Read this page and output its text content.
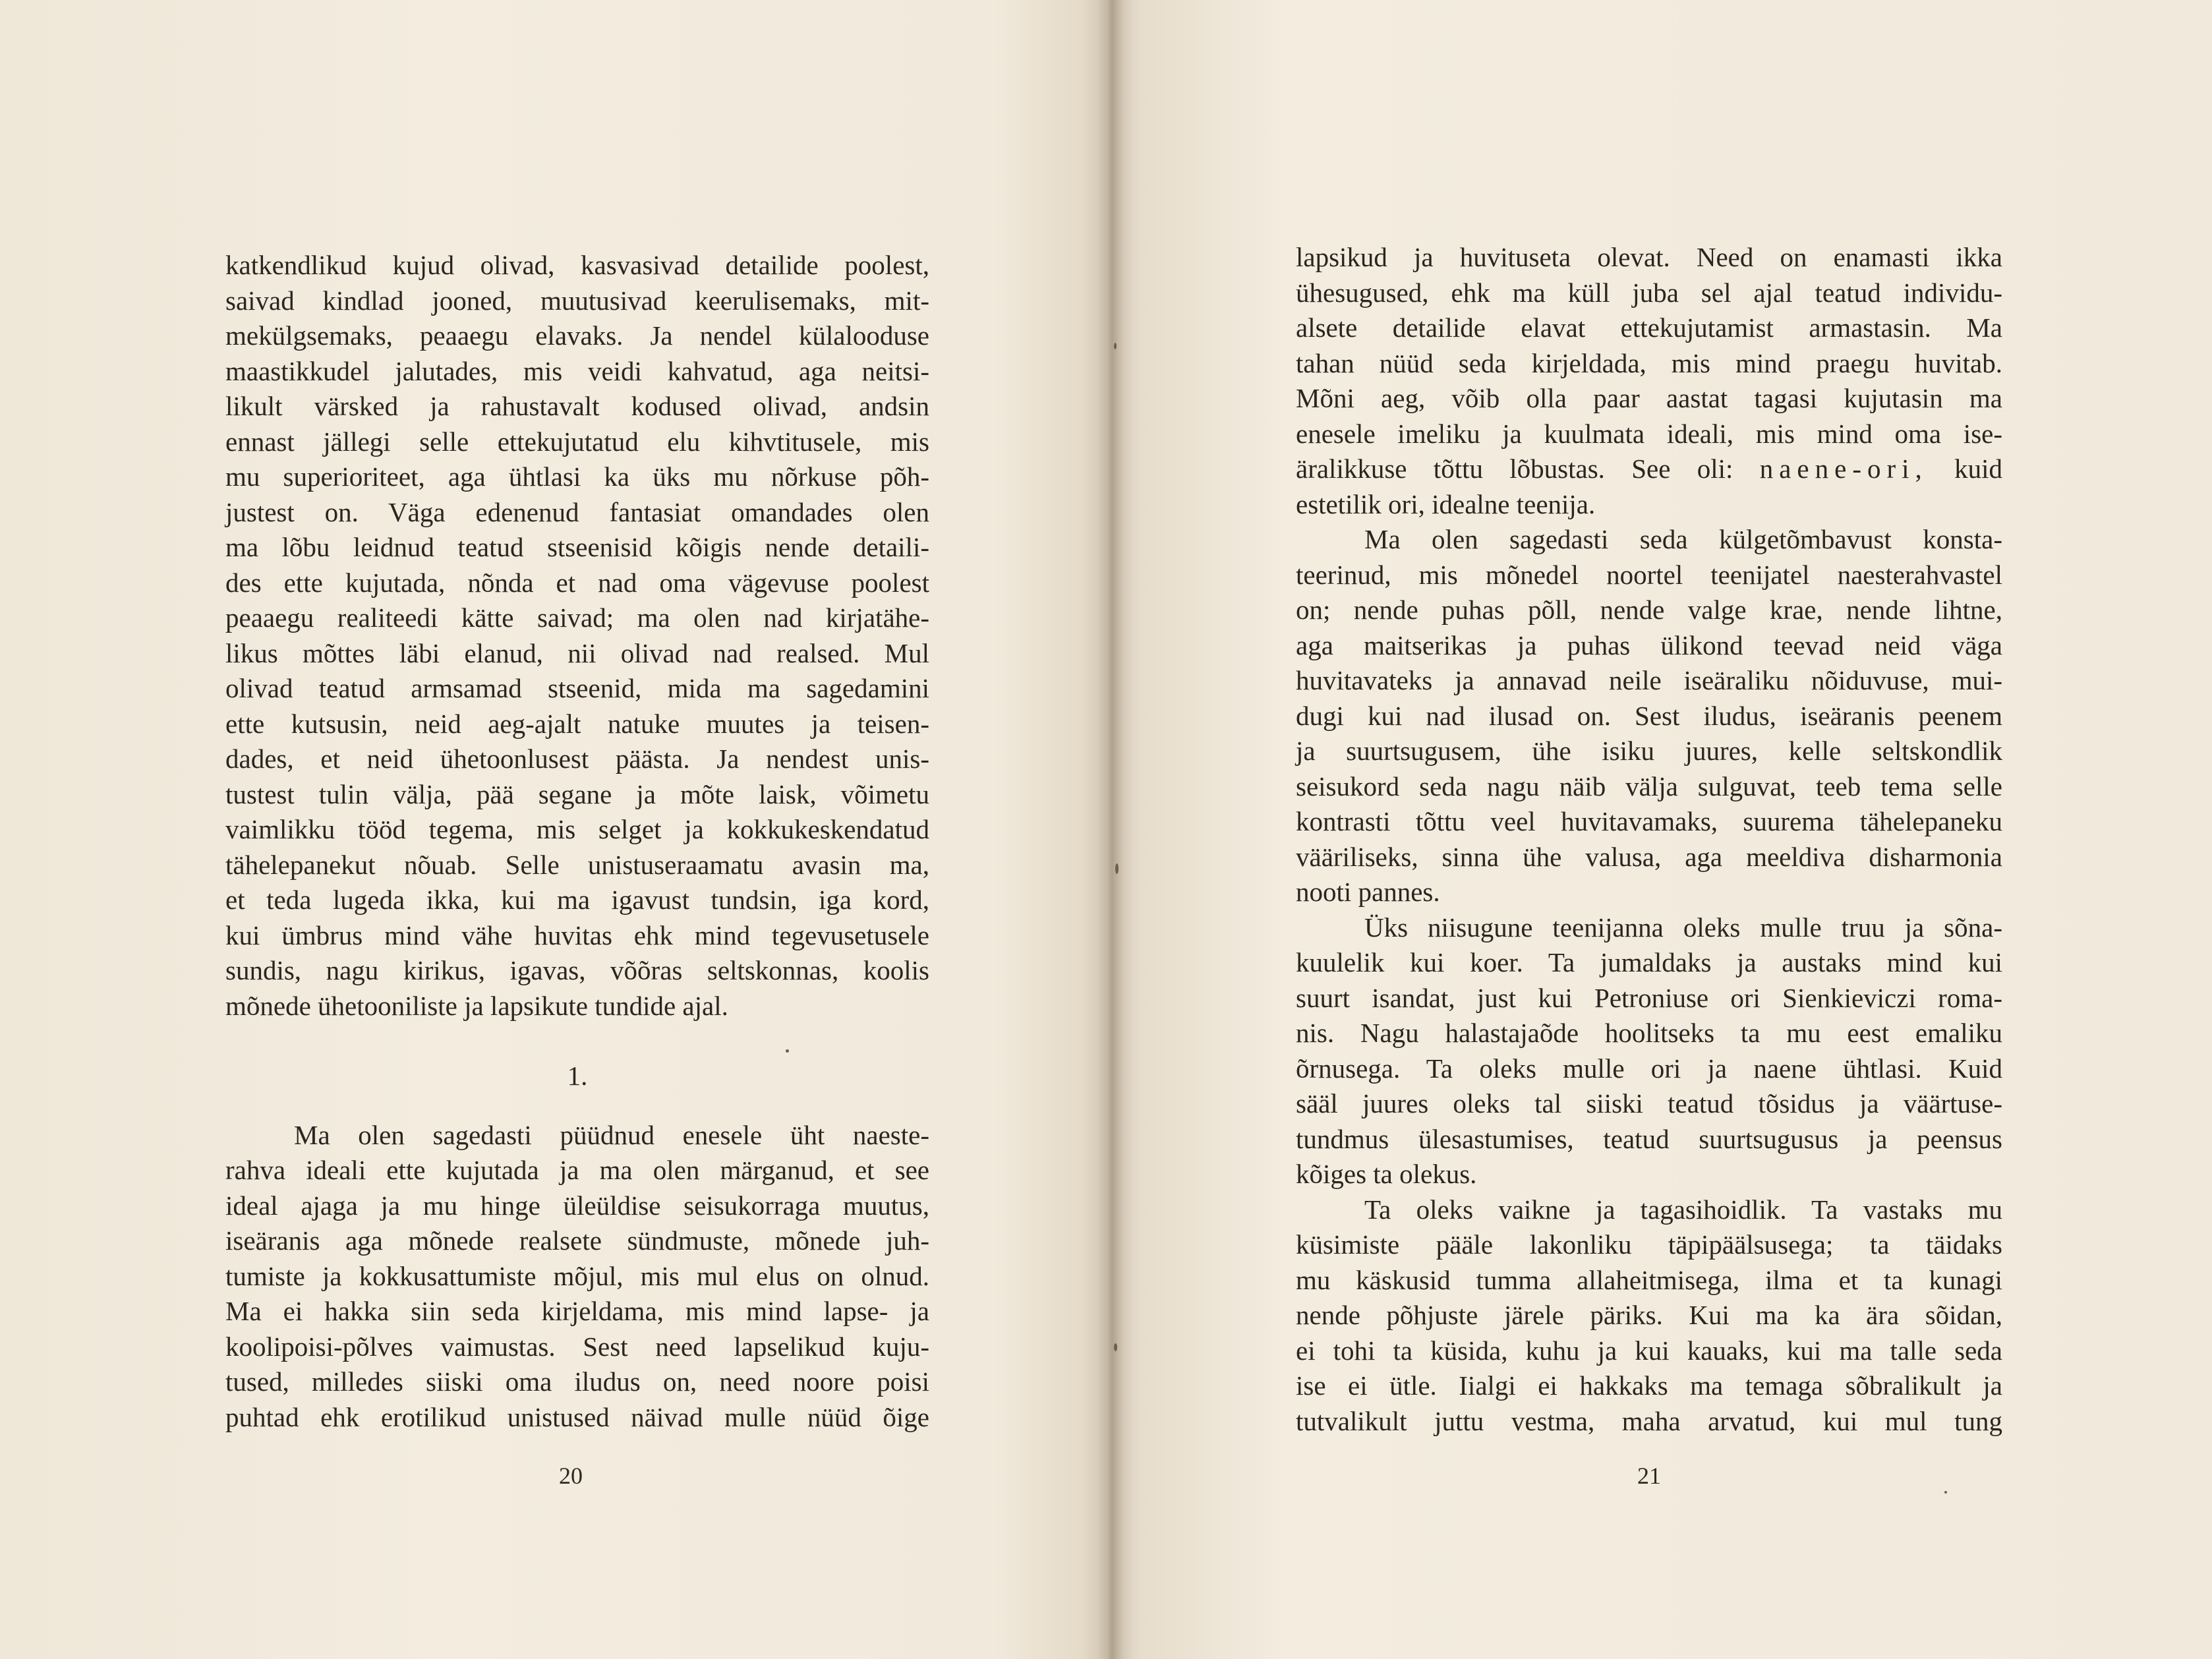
katkendlikud kujud olivad, kasvasivad detailide poolest,
saivad kindlad jooned, muutusivad keerulisemaks, mit-
mekülgsemaks, peaaegu elavaks. Ja nendel külalooduse
maastikkudel jalutades, mis veidi kahvatud, aga neitsi-
likult värsked ja rahustavalt kodused olivad, andsin
ennast jällegi selle ettekujutatud elu kihvtitusele, mis
mu superioriteet, aga ühtlasi ka üks mu nõrkuse põh-
justest on. Väga edenenud fantasiat omandades olen
ma lõbu leidnud teatud stseenisid kõigis nende detaili-
des ette kujutada, nõnda et nad oma vägevuse poolest
peaaegu realiteedi kätte saivad; ma olen nad kirjatähe-
likus mõttes läbi elanud, nii olivad nad realsed. Mul
olivad teatud armsamad stseenid, mida ma sagedamini
ette kutsusin, neid aeg-ajalt natuke muutes ja teisen-
dades, et neid ühetoonlusest päästa. Ja nendest unis-
tustest tulin välja, pää segane ja mõte laisk, võimetu
vaimlikku tööd tegema, mis selget ja kokkukeskendatud
tähelepanekut nõuab. Selle unistuseraamatu avasin ma,
et teda lugeda ikka, kui ma igavust tundsin, iga kord,
kui ümbrus mind vähe huvitas ehk mind tegevusetusele
sundis, nagu kirikus, igavas, võõras seltskonnas, koolis
mõnede ühetooniliste ja lapsikute tundide ajal.
1.
Ma olen sagedasti püüdnud enesele üht naeste-
rahva ideali ette kujutada ja ma olen märganud, et see
ideal ajaga ja mu hinge üleüldise seisukorraga muutus,
iseäranis aga mõnede realsete sündmuste, mõnede juh-
tumiste ja kokkusattumiste mõjul, mis mul elus on olnud.
Ma ei hakka siin seda kirjeldama, mis mind lapse- ja
koolipoisi-põlves vaimustas. Sest need lapselikud kuju-
tused, milledes siiski oma iludus on, need noore poisi
puhtad ehk erotilikud unistused näivad mulle nüüd õige
20
lapsikud ja huvituseta olevat. Need on enamasti ikka
ühesugused, ehk ma küll juba sel ajal teatud individu-
alsete detailide elavat ettekujutamist armastasin. Ma
tahan nüüd seda kirjeldada, mis mind praegu huvitab.
Mõni aeg, võib olla paar aastat tagasi kujutasin ma
enesele imeliku ja kuulmata ideali, mis mind oma ise-
äralikkuse tõttu lõbustas. See oli: naene-ori, kuid
estetilik ori, idealne teenija.
Ma olen sagedasti seda külgetõmbavust konsta-
teerinud, mis mõnedel noortel teenijatel naesterahvastel
on; nende puhas põll, nende valge krae, nende lihtne,
aga maitserikas ja puhas ülikond teevad neid väga
huvitavateks ja annavad neile iseäraliku nõiduvuse, mui-
dugi kui nad ilusad on. Sest iludus, iseäranis peenem
ja suurtsugusem, ühe isiku juures, kelle seltskondlik
seisukord seda nagu näib välja sulguvat, teeb tema selle
kontrasti tõttu veel huvitavamaks, suurema tähelepaneku
vääriliseks, sinna ühe valusa, aga meeldiva disharmonia
nooti pannes.
Üks niisugune teenijanna oleks mulle truu ja sõna-
kuulelik kui koer. Ta jumaldaks ja austaks mind kui
suurt isandat, just kui Petroniuse ori Sienkieviczi roma-
nis. Nagu halastajaõde hoolitseks ta mu eest emaliku
õrnusega. Ta oleks mulle ori ja naene ühtlasi. Kuid
sääl juures oleks tal siiski teatud tõsidus ja väärtuse-
tundmus ülesastumises, teatud suurtsugusus ja peensus
kõiges ta olekus.
Ta oleks vaikne ja tagasihoidlik. Ta vastaks mu
küsimiste pääle lakonliku täpipäälsusega; ta täidaks
mu käskusid tumma allaheitmisega, ilma et ta kunagi
nende põhjuste järele päriks. Kui ma ka ära sõidan,
ei tohi ta küsida, kuhu ja kui kauaks, kui ma talle seda
ise ei ütle. Iialgi ei hakkaks ma temaga sõbralikult ja
tutvalikult juttu vestma, maha arvatud, kui mul tung
21
